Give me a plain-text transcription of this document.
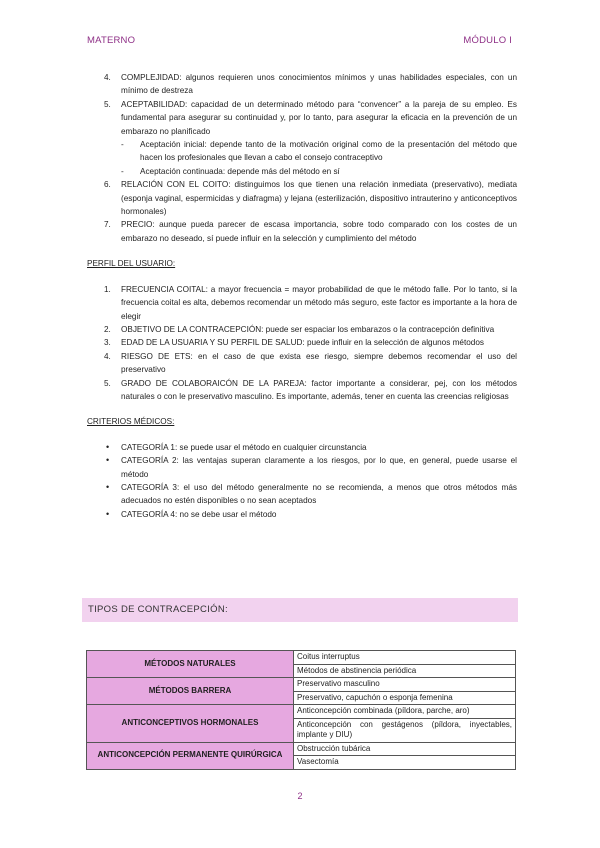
MATERNO	MÓDULO I
4. COMPLEJIDAD: algunos requieren unos conocimientos mínimos y unas habilidades especiales, con un mínimo de destreza
5. ACEPTABILIDAD: capacidad de un determinado método para “convencer” a la pareja de su empleo. Es fundamental para asegurar su continuidad y, por lo tanto, para asegurar la eficacia en la prevención de un embarazo no planificado
- Aceptación inicial: depende tanto de la motivación original como de la presentación del método que hacen los profesionales que llevan a cabo el consejo contraceptivo
- Aceptación continuada: depende más del método en sí
6. RELACIÓN CON EL COITO: distinguimos los que tienen una relación inmediata (preservativo), mediata (esponja vaginal, espermicidas y diafragma) y lejana (esterilización, dispositivo intrauterino y anticonceptivos hormonales)
7. PRECIO: aunque pueda parecer de escasa importancia, sobre todo comparado con los costes de un embarazo no deseado, sí puede influir en la selección y cumplimiento del método
PERFIL DEL USUARIO:
1. FRECUENCIA COITAL: a mayor frecuencia = mayor probabilidad de que le método falle. Por lo tanto, si la frecuencia coital es alta, debemos recomendar un método más seguro, este factor es importante a la hora de elegir
2. OBJETIVO DE LA CONTRACEPCIÓN: puede ser espaciar los embarazos o la contracepción definitiva
3. EDAD DE LA USUARIA Y SU PERFIL DE SALUD: puede influir en la selección de algunos métodos
4. RIESGO DE ETS: en el caso de que exista ese riesgo, siempre debemos recomendar el uso del preservativo
5. GRADO DE COLABORAICÓN DE LA PAREJA: factor importante a considerar, pej, con los métodos naturales o con le preservativo masculino. Es importante, además, tener en cuenta las creencias religiosas
CRITERIOS MÉDICOS:
• CATEGORÍA 1: se puede usar el método en cualquier circunstancia
• CATEGORÍA 2: las ventajas superan claramente a los riesgos, por lo que, en general, puede usarse el método
• CATEGORÍA 3: el uso del método generalmente no se recomienda, a menos que otros métodos más adecuados no estén disponibles o no sean aceptados
• CATEGORÍA 4: no se debe usar el método
TIPOS DE CONTRACEPCIÓN:
MÉTODOS NATURALES	Coitus interruptus
	Métodos de abstinencia periódica
MÉTODOS BARRERA	Preservativo masculino
	Preservativo, capuchón o esponja femenina
ANTICONCEPTIVOS HORMONALES	Anticoncepción combinada (píldora, parche, aro)
	Anticoncepción con gestágenos (píldora, inyectables, implante y DIU)
ANTICONCEPCIÓN PERMANENTE QUIRÚRGICA	Obstrucción tubárica
	Vasectomía
2
